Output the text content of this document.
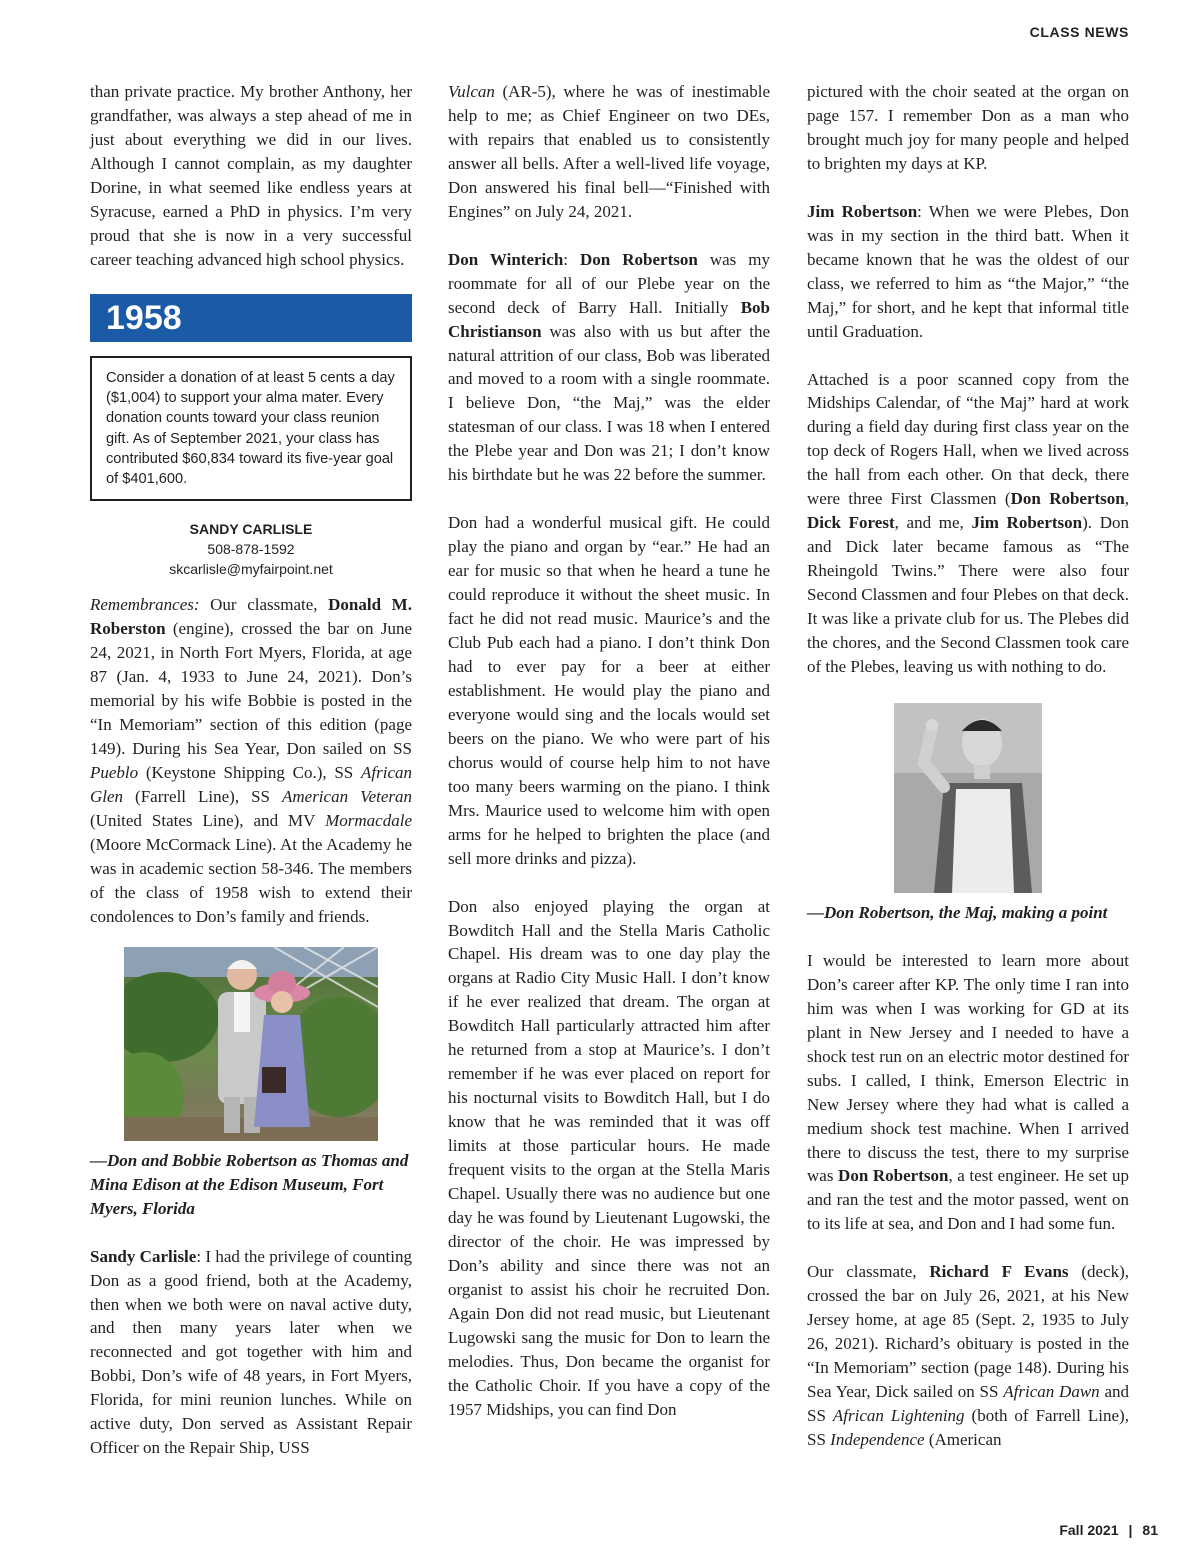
CLASS NEWS

than private practice. My brother Anthony, her grandfather, was always a step ahead of me in just about everything we did in our lives. Although I cannot complain, as my daughter Dorine, in what seemed like endless years at Syracuse, earned a PhD in physics. I’m very proud that she is now in a very successful career teaching advanced high school physics.

1958
Consider a donation of at least 5 cents a day ($1,004) to support your alma mater. Every donation counts toward your class reunion gift. As of September 2021, your class has contributed $60,834 toward its five-year goal of $401,600.
SANDY CARLISLE
508-878-1592
skcarlisle@myfairpoint.net

Remembrances: Our classmate, Donald M. Roberston (engine), crossed the bar on June 24, 2021, in North Fort Myers, Florida, at age 87 (Jan. 4, 1933 to June 24, 2021). Don’s memorial by his wife Bobbie is posted in the “In Memoriam” section of this edition (page 149). During his Sea Year, Don sailed on SS Pueblo (Keystone Shipping Co.), SS African Glen (Farrell Line), SS American Veteran (United States Line), and MV Mormacdale (Moore McCormack Line). At the Academy he was in academic section 58-346. The members of the class of 1958 wish to extend their condolences to Don’s family and friends.

—Don and Bobbie Robertson as Thomas and Mina Edison at the Edison Museum, Fort Myers, Florida

Sandy Carlisle: I had the privilege of counting Don as a good friend, both at the Academy, then when we both were on naval active duty, and then many years later when we reconnected and got together with him and Bobbi, Don’s wife of 48 years, in Fort Myers, Florida, for mini reunion lunches. While on active duty, Don served as Assistant Repair Officer on the Repair Ship, USS

Vulcan (AR-5), where he was of inestimable help to me; as Chief Engineer on two DEs, with repairs that enabled us to consistently answer all bells. After a well-lived life voyage, Don answered his final bell—“Finished with Engines” on July 24, 2021.

Don Winterich: Don Robertson was my roommate for all of our Plebe year on the second deck of Barry Hall. Initially Bob Christianson was also with us but after the natural attrition of our class, Bob was liberated and moved to a room with a single roommate. I believe Don, “the Maj,” was the elder statesman of our class. I was 18 when I entered the Plebe year and Don was 21; I don’t know his birthdate but he was 22 before the summer.

Don had a wonderful musical gift. He could play the piano and organ by “ear.” He had an ear for music so that when he heard a tune he could reproduce it without the sheet music. In fact he did not read music. Maurice’s and the Club Pub each had a piano. I don’t think Don had to ever pay for a beer at either establishment. He would play the piano and everyone would sing and the locals would set beers on the piano. We who were part of his chorus would of course help him to not have too many beers warming on the piano. I think Mrs. Maurice used to welcome him with open arms for he helped to brighten the place (and sell more drinks and pizza).

Don also enjoyed playing the organ at Bowditch Hall and the Stella Maris Catholic Chapel. His dream was to one day play the organs at Radio City Music Hall. I don’t know if he ever realized that dream. The organ at Bowditch Hall particularly attracted him after he returned from a stop at Maurice’s. I don’t remember if he was ever placed on report for his nocturnal visits to Bowditch Hall, but I do know that he was reminded that it was off limits at those particular hours. He made frequent visits to the organ at the Stella Maris Chapel. Usually there was no audience but one day he was found by Lieutenant Lugowski, the director of the choir. He was impressed by Don’s ability and since there was not an organist to assist his choir he recruited Don. Again Don did not read music, but Lieutenant Lugowski sang the music for Don to learn the melodies. Thus, Don became the organist for the Catholic Choir. If you have a copy of the 1957 Midships, you can find Don

pictured with the choir seated at the organ on page 157. I remember Don as a man who brought much joy for many people and helped to brighten my days at KP.

Jim Robertson: When we were Plebes, Don was in my section in the third batt. When it became known that he was the oldest of our class, we referred to him as “the Major,” “the Maj,” for short, and he kept that informal title until Graduation.

Attached is a poor scanned copy from the Midships Calendar, of “the Maj” hard at work during a field day during first class year on the top deck of Rogers Hall, when we lived across the hall from each other. On that deck, there were three First Classmen (Don Robertson, Dick Forest, and me, Jim Robertson). Don and Dick later became famous as “The Rheingold Twins.” There were also four Second Classmen and four Plebes on that deck. It was like a private club for us. The Plebes did the chores, and the Second Classmen took care of the Plebes, leaving us with nothing to do.

—Don Robertson, the Maj, making a point

I would be interested to learn more about Don’s career after KP. The only time I ran into him was when I was working for GD at its plant in New Jersey and I needed to have a shock test run on an electric motor destined for subs. I called, I think, Emerson Electric in New Jersey where they had what is called a medium shock test machine. When I arrived there to discuss the test, there to my surprise was Don Robertson, a test engineer. He set up and ran the test and the motor passed, went on to its life at sea, and Don and I had some fun.

Our classmate, Richard F Evans (deck), crossed the bar on July 26, 2021, at his New Jersey home, at age 85 (Sept. 2, 1935 to July 26, 2021). Richard’s obituary is posted in the “In Memoriam” section (page 148). During his Sea Year, Dick sailed on SS African Dawn and SS African Lightening (both of Farrell Line), SS Independence (American

Fall 2021 | 81
